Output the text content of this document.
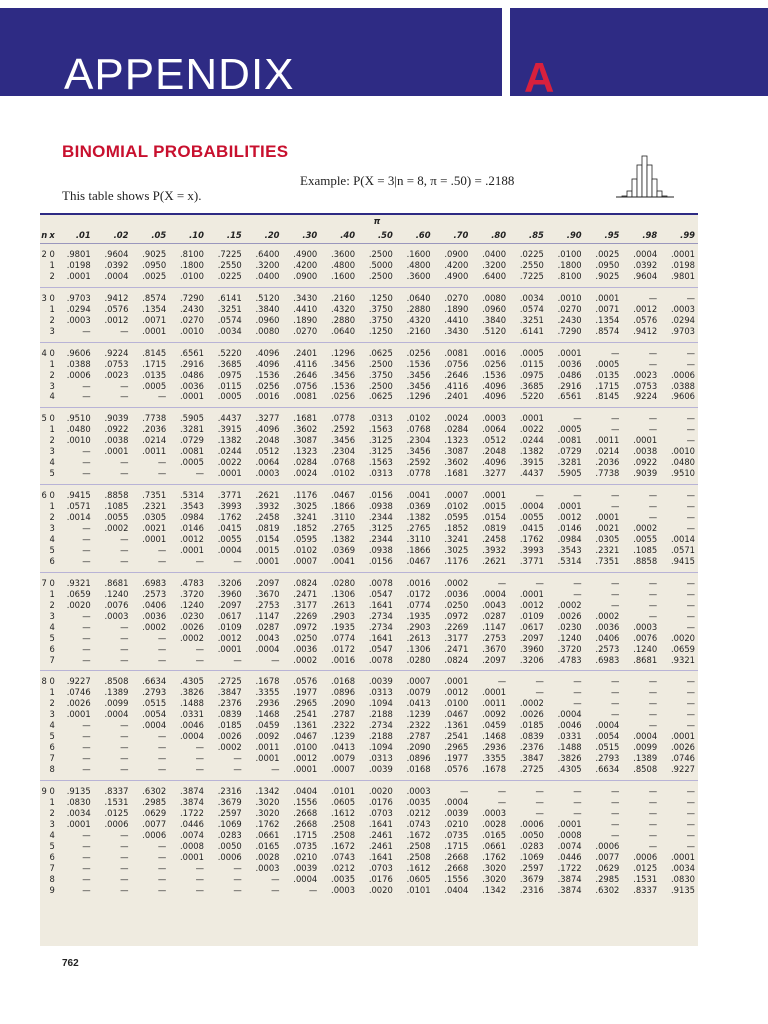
APPENDIX	A
BINOMIAL PROBABILITIES
Example: P(X = 3|n = 8, π = .50) = .2188
This table shows P(X = x).
		π																
n	x	.01	.02	.05	.10	.15	.20	.30	.40	.50	.60	.70	.80	.85	.90	.95	.98	.99
2	0	.9801	.9604	.9025	.8100	.7225	.6400	.4900	.3600	.2500	.1600	.0900	.0400	.0225	.0100	.0025	.0004	.0001
	1	.0198	.0392	.0950	.1800	.2550	.3200	.4200	.4800	.5000	.4800	.4200	.3200	.2550	.1800	.0950	.0392	.0198
	2	.0001	.0004	.0025	.0100	.0225	.0400	.0900	.1600	.2500	.3600	.4900	.6400	.7225	.8100	.9025	.9604	.9801
3	0	.9703	.9412	.8574	.7290	.6141	.5120	.3430	.2160	.1250	.0640	.0270	.0080	.0034	.0010	.0001	—	—
	1	.0294	.0576	.1354	.2430	.3251	.3840	.4410	.4320	.3750	.2880	.1890	.0960	.0574	.0270	.0071	.0012	.0003
	2	.0003	.0012	.0071	.0270	.0574	.0960	.1890	.2880	.3750	.4320	.4410	.3840	.3251	.2430	.1354	.0576	.0294
	3	—	—	.0001	.0010	.0034	.0080	.0270	.0640	.1250	.2160	.3430	.5120	.6141	.7290	.8574	.9412	.9703
4	0	.9606	.9224	.8145	.6561	.5220	.4096	.2401	.1296	.0625	.0256	.0081	.0016	.0005	.0001	—	—	—
	1	.0388	.0753	.1715	.2916	.3685	.4096	.4116	.3456	.2500	.1536	.0756	.0256	.0115	.0036	.0005	—	—
	2	.0006	.0023	.0135	.0486	.0975	.1536	.2646	.3456	.3750	.3456	.2646	.1536	.0975	.0486	.0135	.0023	.0006
	3	—	—	.0005	.0036	.0115	.0256	.0756	.1536	.2500	.3456	.4116	.4096	.3685	.2916	.1715	.0753	.0388
	4	—	—	—	.0001	.0005	.0016	.0081	.0256	.0625	.1296	.2401	.4096	.5220	.6561	.8145	.9224	.9606
5	0	.9510	.9039	.7738	.5905	.4437	.3277	.1681	.0778	.0313	.0102	.0024	.0003	.0001	—	—	—	—
	1	.0480	.0922	.2036	.3281	.3915	.4096	.3602	.2592	.1563	.0768	.0284	.0064	.0022	.0005	—	—	—
	2	.0010	.0038	.0214	.0729	.1382	.2048	.3087	.3456	.3125	.2304	.1323	.0512	.0244	.0081	.0011	.0001	—
	3	—	.0001	.0011	.0081	.0244	.0512	.1323	.2304	.3125	.3456	.3087	.2048	.1382	.0729	.0214	.0038	.0010
	4	—	—	—	.0005	.0022	.0064	.0284	.0768	.1563	.2592	.3602	.4096	.3915	.3281	.2036	.0922	.0480
	5	—	—	—	—	.0001	.0003	.0024	.0102	.0313	.0778	.1681	.3277	.4437	.5905	.7738	.9039	.9510
6	0	.9415	.8858	.7351	.5314	.3771	.2621	.1176	.0467	.0156	.0041	.0007	.0001	—	—	—	—	—
	1	.0571	.1085	.2321	.3543	.3993	.3932	.3025	.1866	.0938	.0369	.0102	.0015	.0004	.0001	—	—	—
	2	.0014	.0055	.0305	.0984	.1762	.2458	.3241	.3110	.2344	.1382	.0595	.0154	.0055	.0012	.0001	—	—
	3	—	.0002	.0021	.0146	.0415	.0819	.1852	.2765	.3125	.2765	.1852	.0819	.0415	.0146	.0021	.0002	—
	4	—	—	.0001	.0012	.0055	.0154	.0595	.1382	.2344	.3110	.3241	.2458	.1762	.0984	.0305	.0055	.0014
	5	—	—	—	.0001	.0004	.0015	.0102	.0369	.0938	.1866	.3025	.3932	.3993	.3543	.2321	.1085	.0571
	6	—	—	—	—	—	.0001	.0007	.0041	.0156	.0467	.1176	.2621	.3771	.5314	.7351	.8858	.9415
7	0	.9321	.8681	.6983	.4783	.3206	.2097	.0824	.0280	.0078	.0016	.0002	—	—	—	—	—	—
	1	.0659	.1240	.2573	.3720	.3960	.3670	.2471	.1306	.0547	.0172	.0036	.0004	.0001	—	—	—	—
	2	.0020	.0076	.0406	.1240	.2097	.2753	.3177	.2613	.1641	.0774	.0250	.0043	.0012	.0002	—	—	—
	3	—	.0003	.0036	.0230	.0617	.1147	.2269	.2903	.2734	.1935	.0972	.0287	.0109	.0026	.0002	—	—
	4	—	—	.0002	.0026	.0109	.0287	.0972	.1935	.2734	.2903	.2269	.1147	.0617	.0230	.0036	.0003	—
	5	—	—	—	.0002	.0012	.0043	.0250	.0774	.1641	.2613	.3177	.2753	.2097	.1240	.0406	.0076	.0020
	6	—	—	—	—	.0001	.0004	.0036	.0172	.0547	.1306	.2471	.3670	.3960	.3720	.2573	.1240	.0659
	7	—	—	—	—	—	—	.0002	.0016	.0078	.0280	.0824	.2097	.3206	.4783	.6983	.8681	.9321
8	0	.9227	.8508	.6634	.4305	.2725	.1678	.0576	.0168	.0039	.0007	.0001	—	—	—	—	—	—
	1	.0746	.1389	.2793	.3826	.3847	.3355	.1977	.0896	.0313	.0079	.0012	.0001	—	—	—	—	—
	2	.0026	.0099	.0515	.1488	.2376	.2936	.2965	.2090	.1094	.0413	.0100	.0011	.0002	—	—	—	—
	3	.0001	.0004	.0054	.0331	.0839	.1468	.2541	.2787	.2188	.1239	.0467	.0092	.0026	.0004	—	—	—
	4	—	—	.0004	.0046	.0185	.0459	.1361	.2322	.2734	.2322	.1361	.0459	.0185	.0046	.0004	—	—
	5	—	—	—	.0004	.0026	.0092	.0467	.1239	.2188	.2787	.2541	.1468	.0839	.0331	.0054	.0004	.0001
	6	—	—	—	—	.0002	.0011	.0100	.0413	.1094	.2090	.2965	.2936	.2376	.1488	.0515	.0099	.0026
	7	—	—	—	—	—	.0001	.0012	.0079	.0313	.0896	.1977	.3355	.3847	.3826	.2793	.1389	.0746
	8	—	—	—	—	—	—	.0001	.0007	.0039	.0168	.0576	.1678	.2725	.4305	.6634	.8508	.9227
9	0	.9135	.8337	.6302	.3874	.2316	.1342	.0404	.0101	.0020	.0003	—	—	—	—	—	—	—
	1	.0830	.1531	.2985	.3874	.3679	.3020	.1556	.0605	.0176	.0035	.0004	—	—	—	—	—	—
	2	.0034	.0125	.0629	.1722	.2597	.3020	.2668	.1612	.0703	.0212	.0039	.0003	—	—	—	—	—
	3	.0001	.0006	.0077	.0446	.1069	.1762	.2668	.2508	.1641	.0743	.0210	.0028	.0006	.0001	—	—	—
	4	—	—	.0006	.0074	.0283	.0661	.1715	.2508	.2461	.1672	.0735	.0165	.0050	.0008	—	—	—
	5	—	—	—	.0008	.0050	.0165	.0735	.1672	.2461	.2508	.1715	.0661	.0283	.0074	.0006	—	—
	6	—	—	—	.0001	.0006	.0028	.0210	.0743	.1641	.2508	.2668	.1762	.1069	.0446	.0077	.0006	.0001
	7	—	—	—	—	—	.0003	.0039	.0212	.0703	.1612	.2668	.3020	.2597	.1722	.0629	.0125	.0034
	8	—	—	—	—	—	—	.0004	.0035	.0176	.0605	.1556	.3020	.3679	.3874	.2985	.1531	.0830
	9	—	—	—	—	—	—	—	.0003	.0020	.0101	.0404	.1342	.2316	.3874	.6302	.8337	.9135
762
